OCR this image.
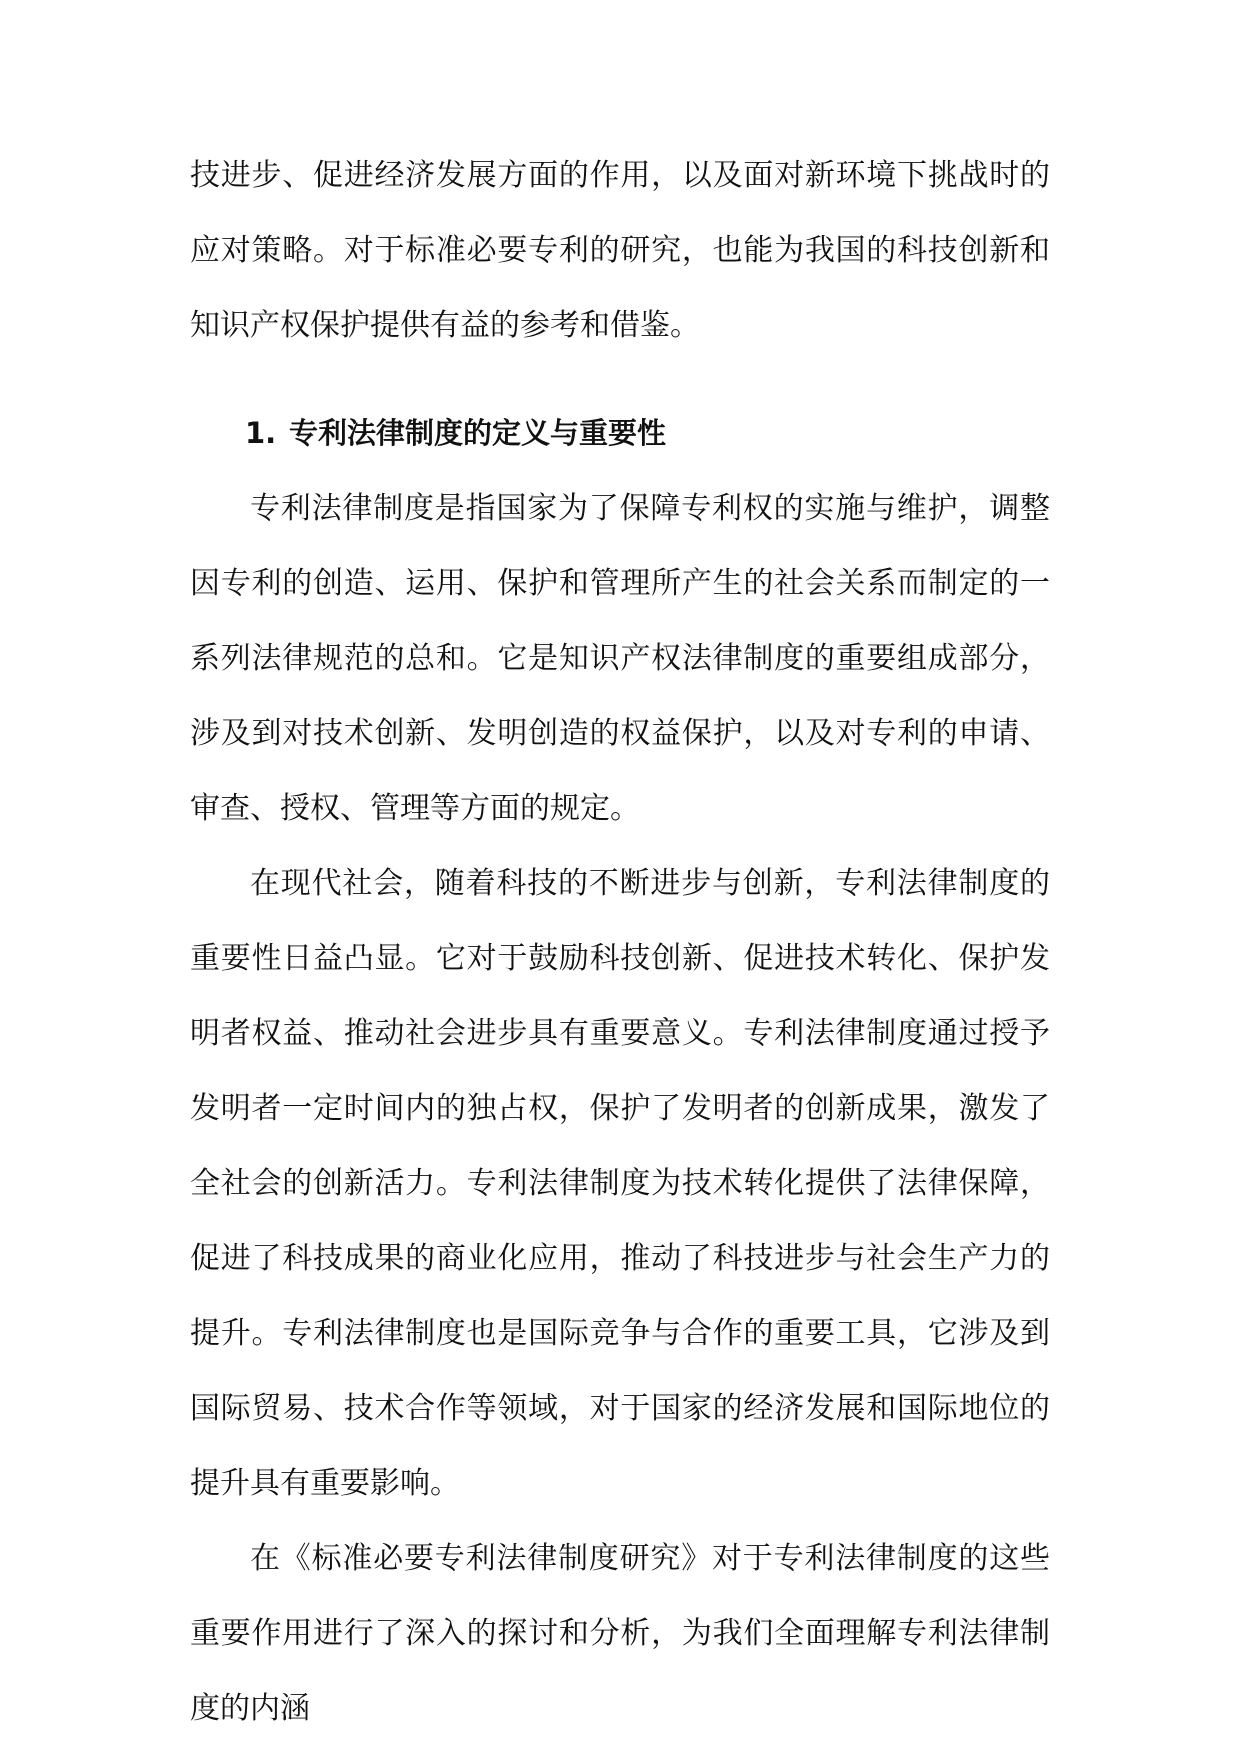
技进步、促进经济发展方面的作用，以及面对新环境下挑战时的应对策略。对于标准必要专利的研究，也能为我国的科技创新和知识产权保护提供有益的参考和借鉴。

1. 专利法律制度的定义与重要性

专利法律制度是指国家为了保障专利权的实施与维护，调整因专利的创造、运用、保护和管理所产生的社会关系而制定的一系列法律规范的总和。它是知识产权法律制度的重要组成部分，涉及到对技术创新、发明创造的权益保护，以及对专利的申请、审查、授权、管理等方面的规定。

在现代社会，随着科技的不断进步与创新，专利法律制度的重要性日益凸显。它对于鼓励科技创新、促进技术转化、保护发明者权益、推动社会进步具有重要意义。专利法律制度通过授予发明者一定时间内的独占权，保护了发明者的创新成果，激发了全社会的创新活力。专利法律制度为技术转化提供了法律保障，促进了科技成果的商业化应用，推动了科技进步与社会生产力的提升。专利法律制度也是国际竞争与合作的重要工具，它涉及到国际贸易、技术合作等领域，对于国家的经济发展和国际地位的提升具有重要影响。

在《标准必要专利法律制度研究》对于专利法律制度的这些重要作用进行了深入的探讨和分析，为我们全面理解专利法律制度的内涵
